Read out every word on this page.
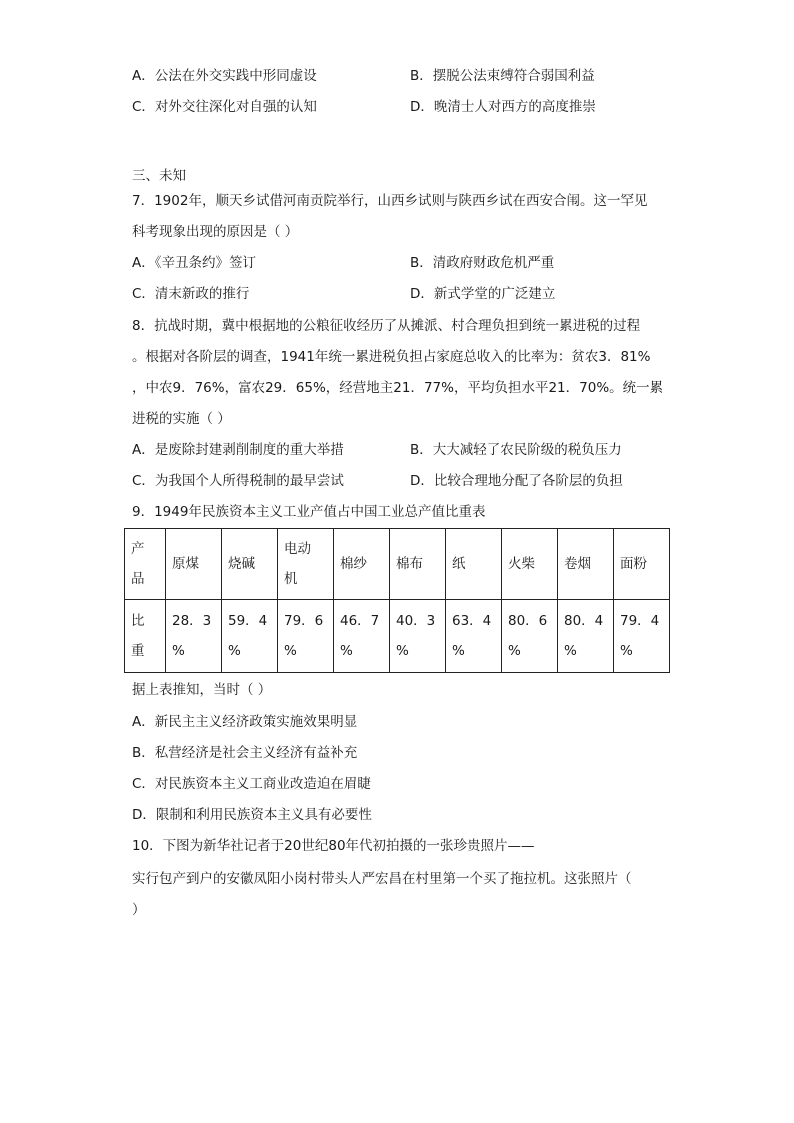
A．公法在外交实践中形同虚设	B．摆脱公法束缚符合弱国利益
C．对外交往深化对自强的认知	D．晚清士人对西方的高度推崇
三、未知
7．1902年，顺天乡试借河南贡院举行，山西乡试则与陕西乡试在西安合闱。这一罕见
科考现象出现的原因是（ ）
A．《辛丑条约》签订	B．清政府财政危机严重
C．清末新政的推行	D．新式学堂的广泛建立
8．抗战时期，冀中根据地的公粮征收经历了从摊派、村合理负担到统一累进税的过程
。根据对各阶层的调查，1941年统一累进税负担占家庭总收入的比率为：贫农3．81%
，中农9．76%，富农29．65%，经营地主21．77%，平均负担水平21．70%。统一累
进税的实施（ ）
A．是废除封建剥削制度的重大举措	B．大大减轻了农民阶级的税负压力
C．为我国个人所得税制的最早尝试	D．比较合理地分配了各阶层的负担
9．1949年民族资本主义工业产值占中国工业总产值比重表
产
品	原煤	烧碱	电动
机	棉纱	棉布	纸	火柴	卷烟	面粉

比
重	28．3
%	59．4
%	79．6
%	46．7
%	40．3
%	63．4
%	80．6
%	80．4
%	79．4
%
据上表推知，当时（ ）
A．新民主主义经济政策实施效果明显
B．私营经济是社会主义经济有益补充
C．对民族资本主义工商业改造迫在眉睫
D．限制和利用民族资本主义具有必要性
10．下图为新华社记者于20世纪80年代初拍摄的一张珍贵照片——
实行包产到户的安徽凤阳小岗村带头人严宏昌在村里第一个买了拖拉机。这张照片（
）
